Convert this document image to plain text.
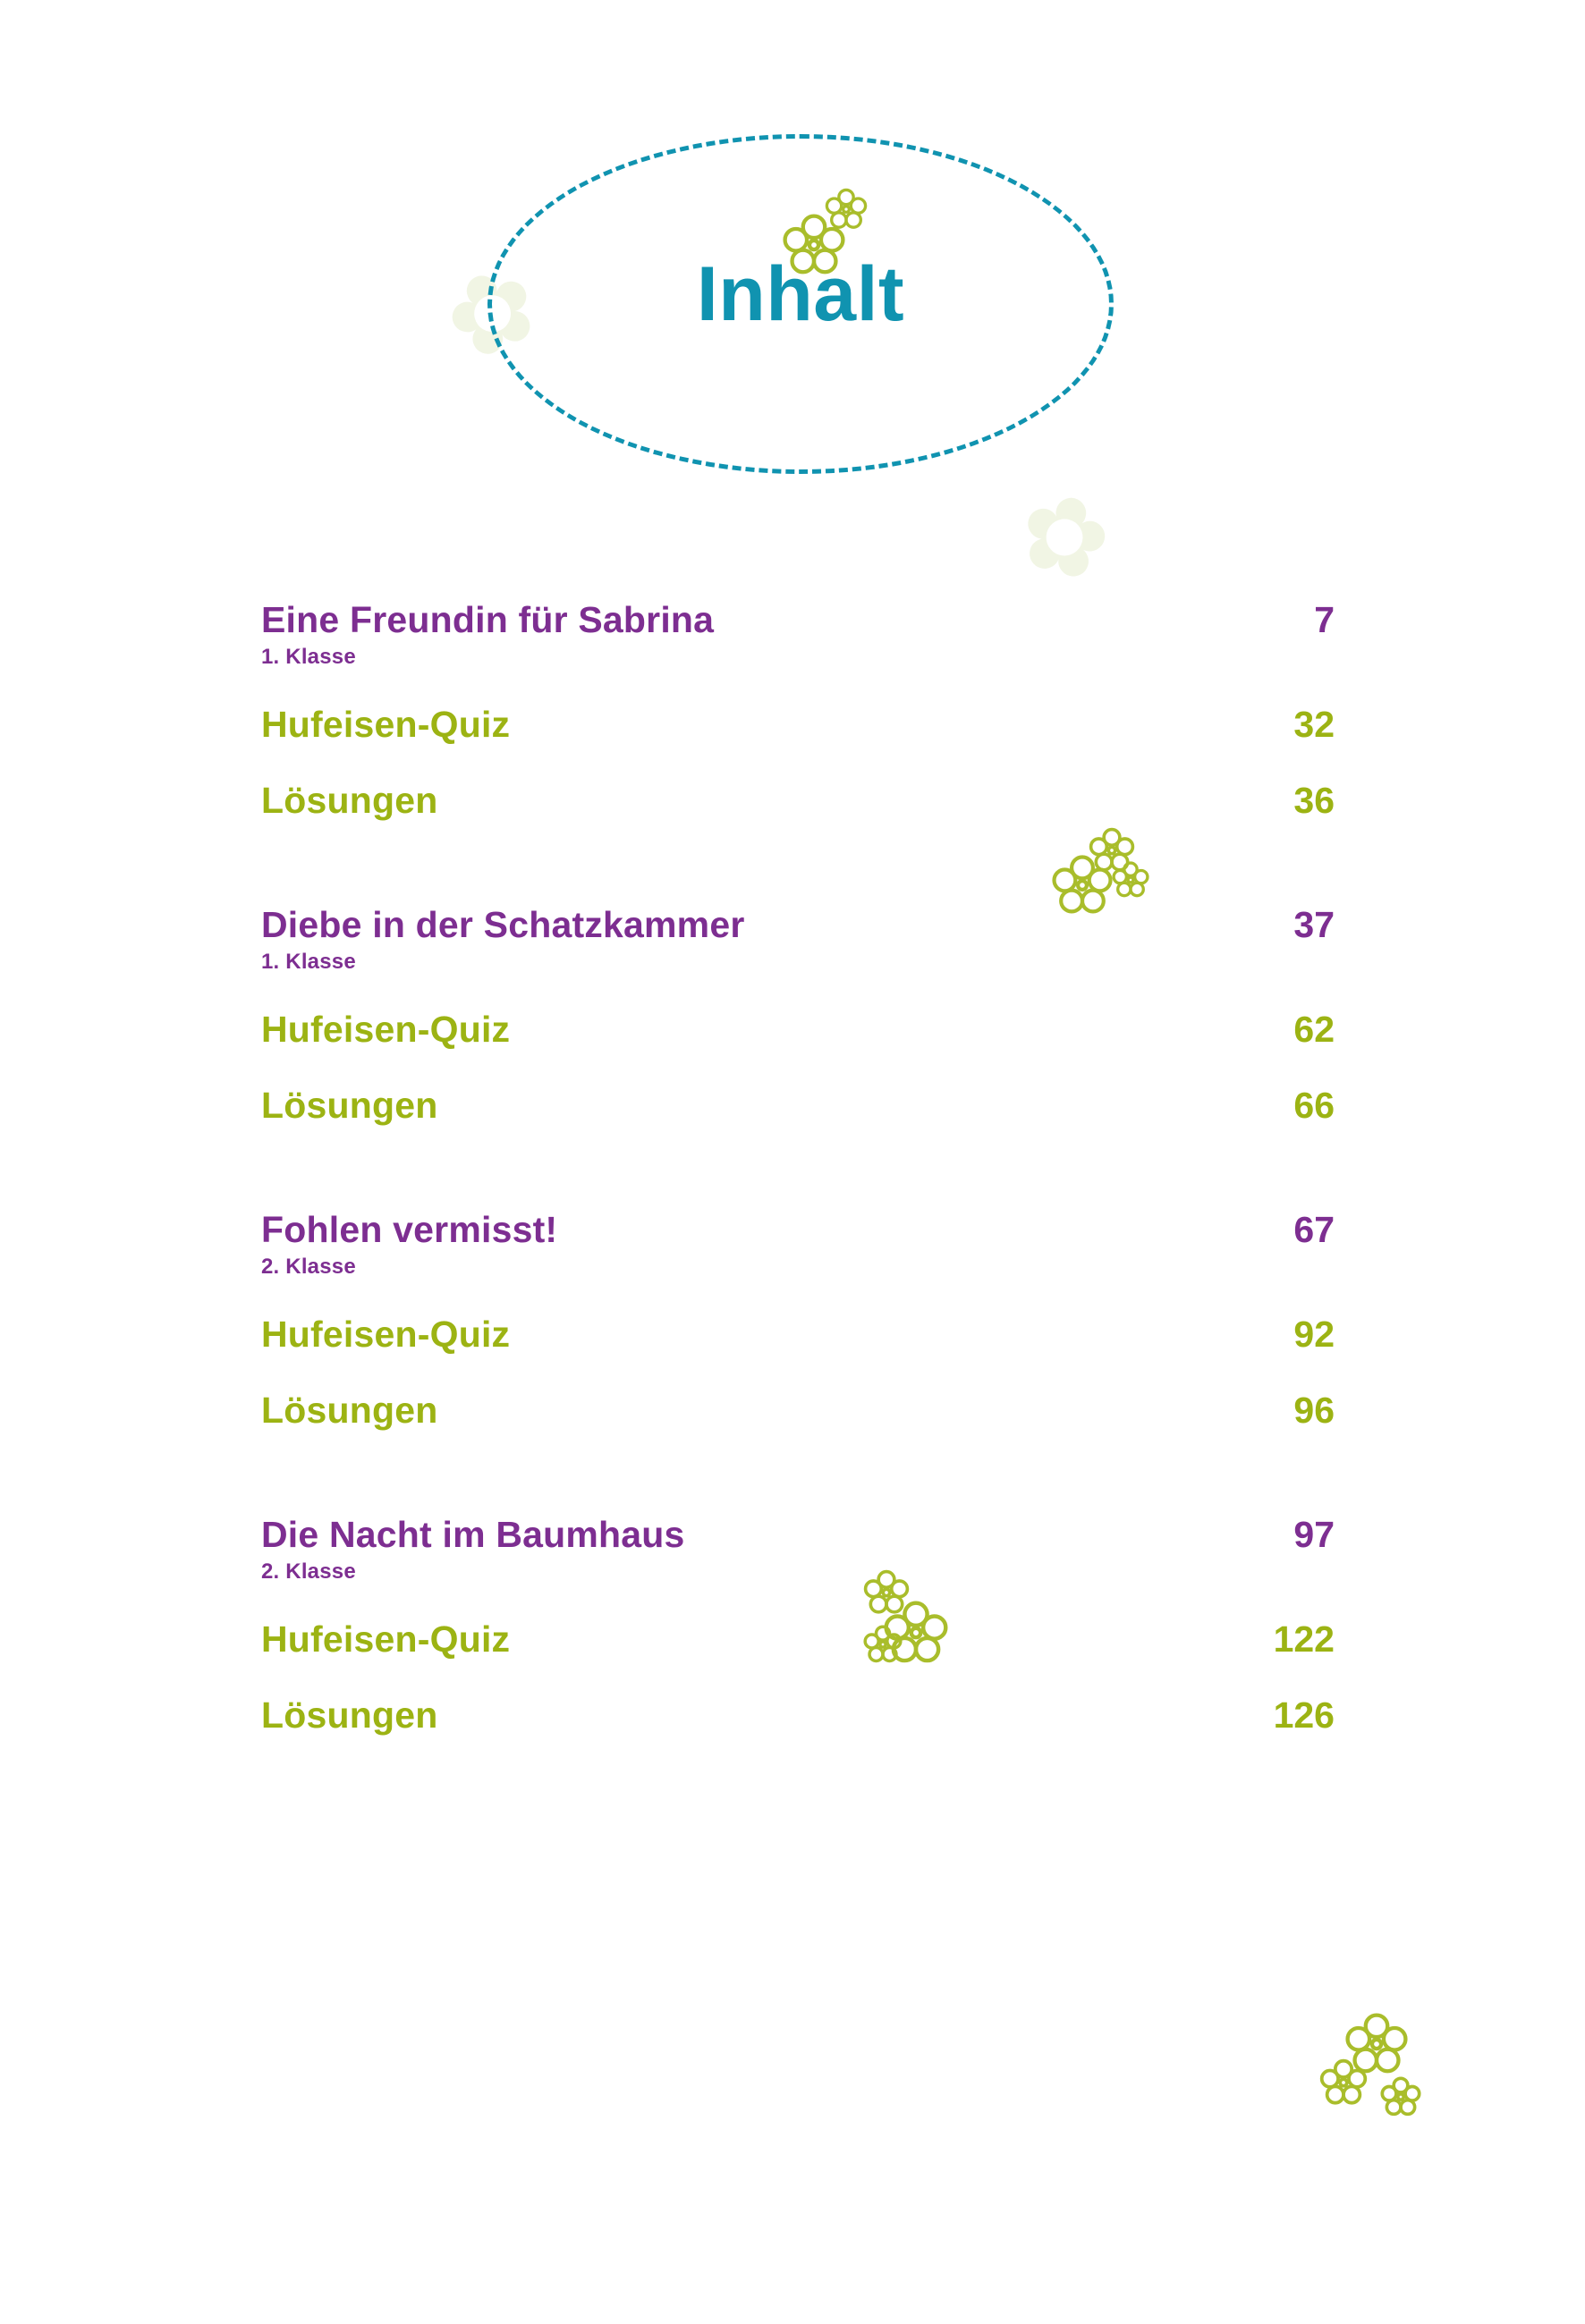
✿
✿
Inhalt
Eine Freundin für Sabrina	7
1. Klasse
Hufeisen-Quiz	32
Lösungen	36
Diebe in der Schatzkammer	37
1. Klasse
Hufeisen-Quiz	62
Lösungen	66
Fohlen vermisst!	67
2. Klasse
Hufeisen-Quiz	92
Lösungen	96
Die Nacht im Baumhaus	97
2. Klasse
Hufeisen-Quiz	122
Lösungen	126
